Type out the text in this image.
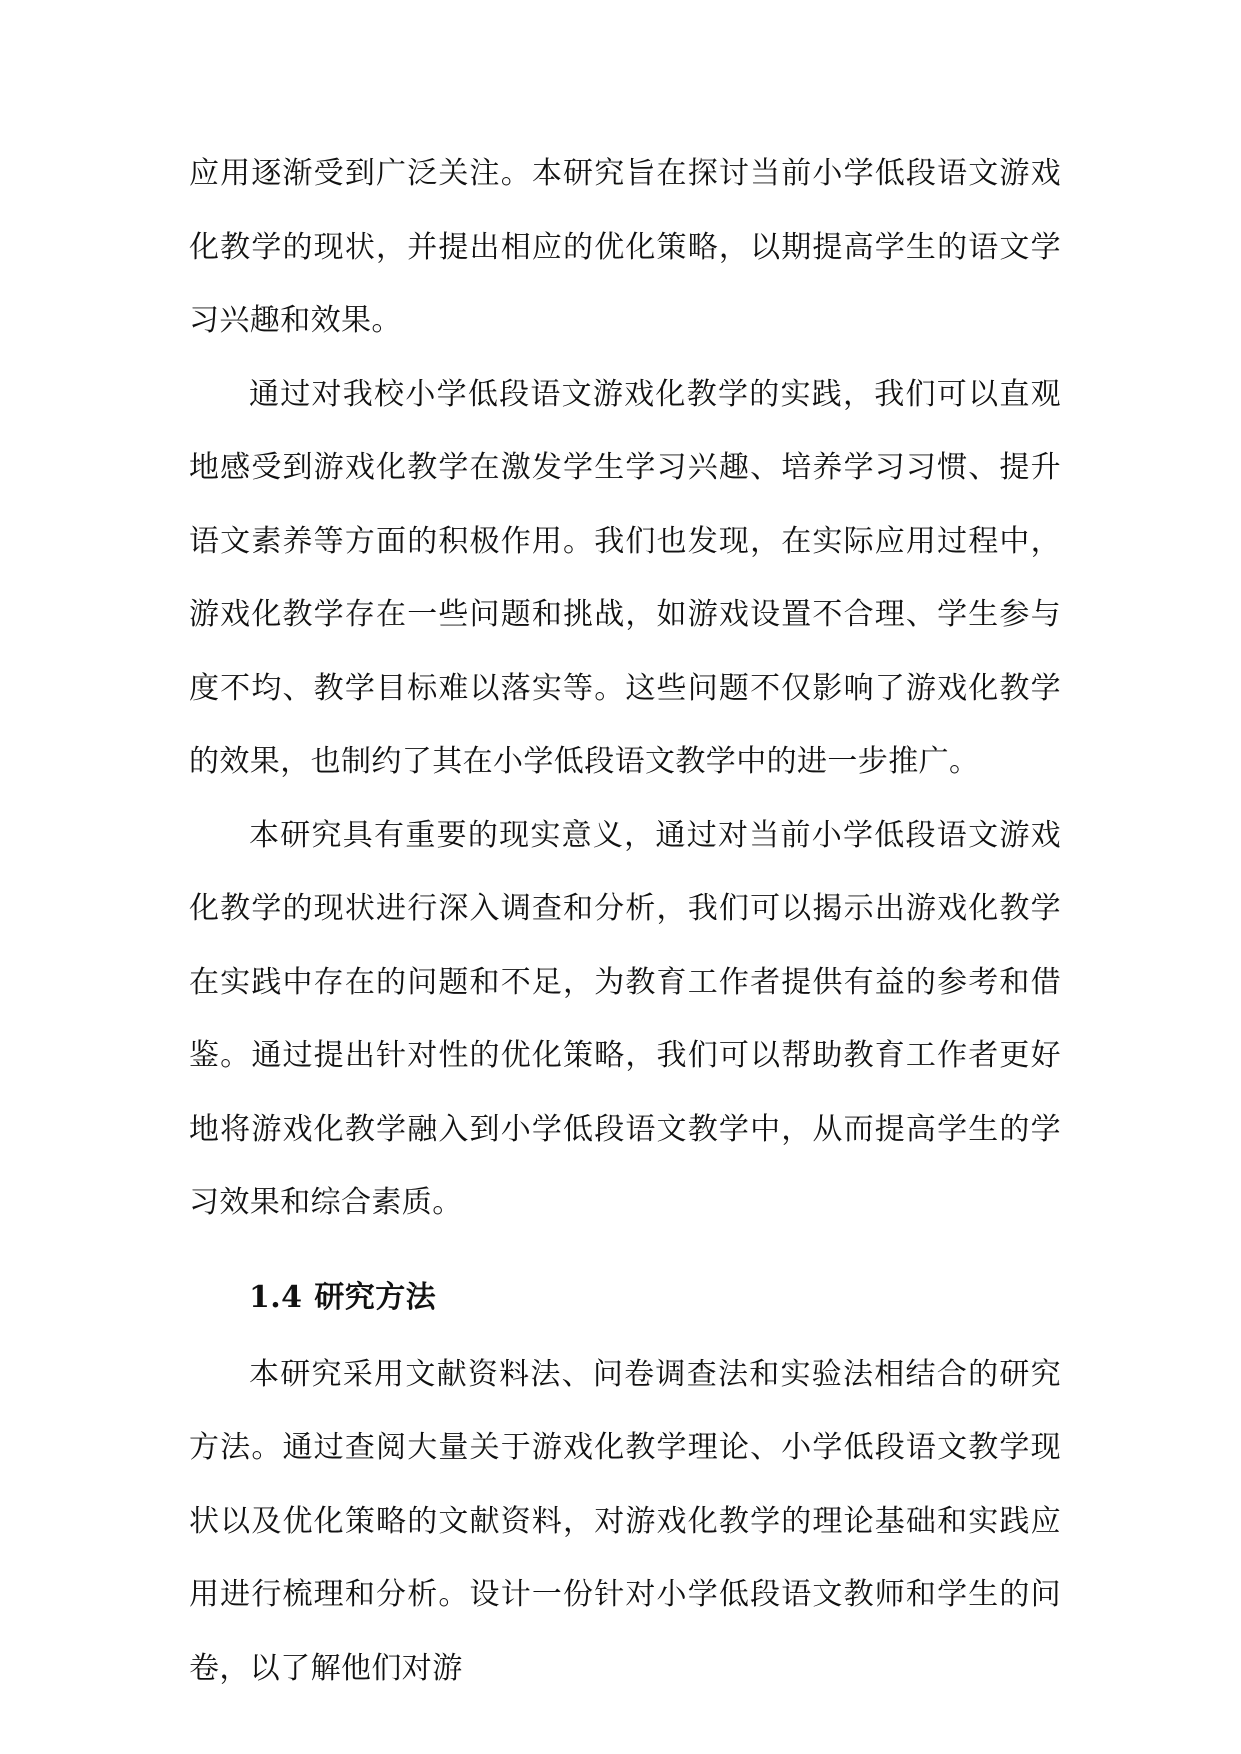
应用逐渐受到广泛关注。本研究旨在探讨当前小学低段语文游戏化教学的现状，并提出相应的优化策略，以期提高学生的语文学习兴趣和效果。

通过对我校小学低段语文游戏化教学的实践，我们可以直观地感受到游戏化教学在激发学生学习兴趣、培养学习习惯、提升语文素养等方面的积极作用。我们也发现，在实际应用过程中，游戏化教学存在一些问题和挑战，如游戏设置不合理、学生参与度不均、教学目标难以落实等。这些问题不仅影响了游戏化教学的效果，也制约了其在小学低段语文教学中的进一步推广。

本研究具有重要的现实意义，通过对当前小学低段语文游戏化教学的现状进行深入调查和分析，我们可以揭示出游戏化教学在实践中存在的问题和不足，为教育工作者提供有益的参考和借鉴。通过提出针对性的优化策略，我们可以帮助教育工作者更好地将游戏化教学融入到小学低段语文教学中，从而提高学生的学习效果和综合素质。

1.4 研究方法

本研究采用文献资料法、问卷调查法和实验法相结合的研究方法。通过查阅大量关于游戏化教学理论、小学低段语文教学现状以及优化策略的文献资料，对游戏化教学的理论基础和实践应用进行梳理和分析。设计一份针对小学低段语文教师和学生的问卷，以了解他们对游
